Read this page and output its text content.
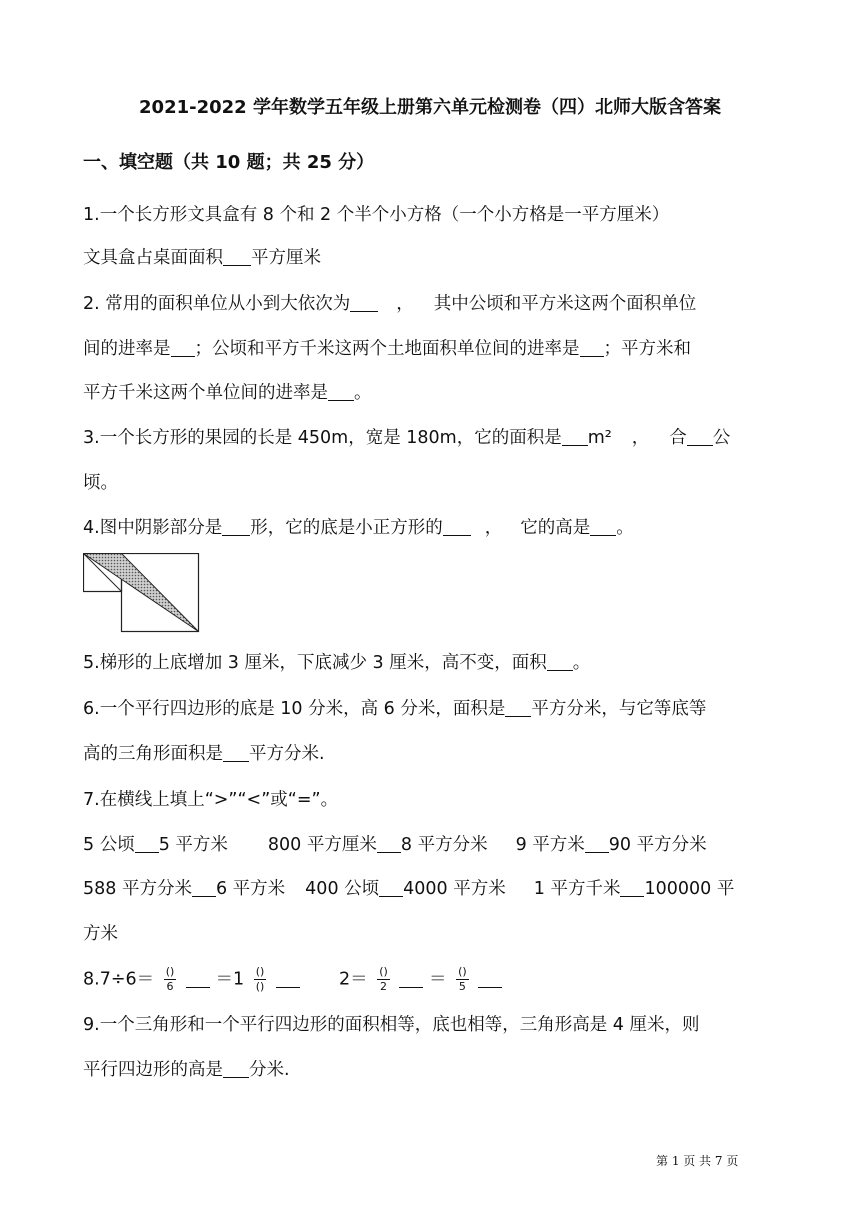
2021-2022 学年数学五年级上册第六单元检测卷（四）北师大版含答案
一、填空题（共 10 题；共 25 分）
1.一个长方形文具盒有 8 个和 2 个半个小方格（一个小方格是一平方厘米）
文具盒占桌面面积 平方厘米
2. 常用的面积单位从小到大依次为	， 其中公顷和平方米这两个面积单位
间的进率是 ；公顷和平方千米这两个土地面积单位间的进率是 ；平方米和
平方千米这两个单位间的进率是 。
3.一个长方形的果园的长是 450m，宽是 180m，它的面积是 m² ， 合 公
顷。
4.图中阴影部分是 形，它的底是小正方形的 ， 它的高是 。
5.梯形的上底增加 3 厘米，下底减少 3 厘米，高不变，面积 。
6.一个平行四边形的底是 10 分米，高 6 分米，面积是 平方分米，与它等底等
高的三角形面积是 平方分米.
7.在横线上填上“>”“<”或“=”。
5 公顷 5 平方米 800 平方厘米 8 平方分米 9 平方米 90 平方分米
588 平方分米 6 平方米 400 公顷 4000 平方米 1 平方千米 100000 平
方米
$8.7\div 6= \frac{()}{6} =1 \frac{()}{()}$	$2= \frac{()}{2} = \frac{()}{5}$

9.一个三角形和一个平行四边形的面积相等，底也相等，三角形高是 4 厘米，则
平行四边形的高是 分米.
第 1 页 共 7 页
